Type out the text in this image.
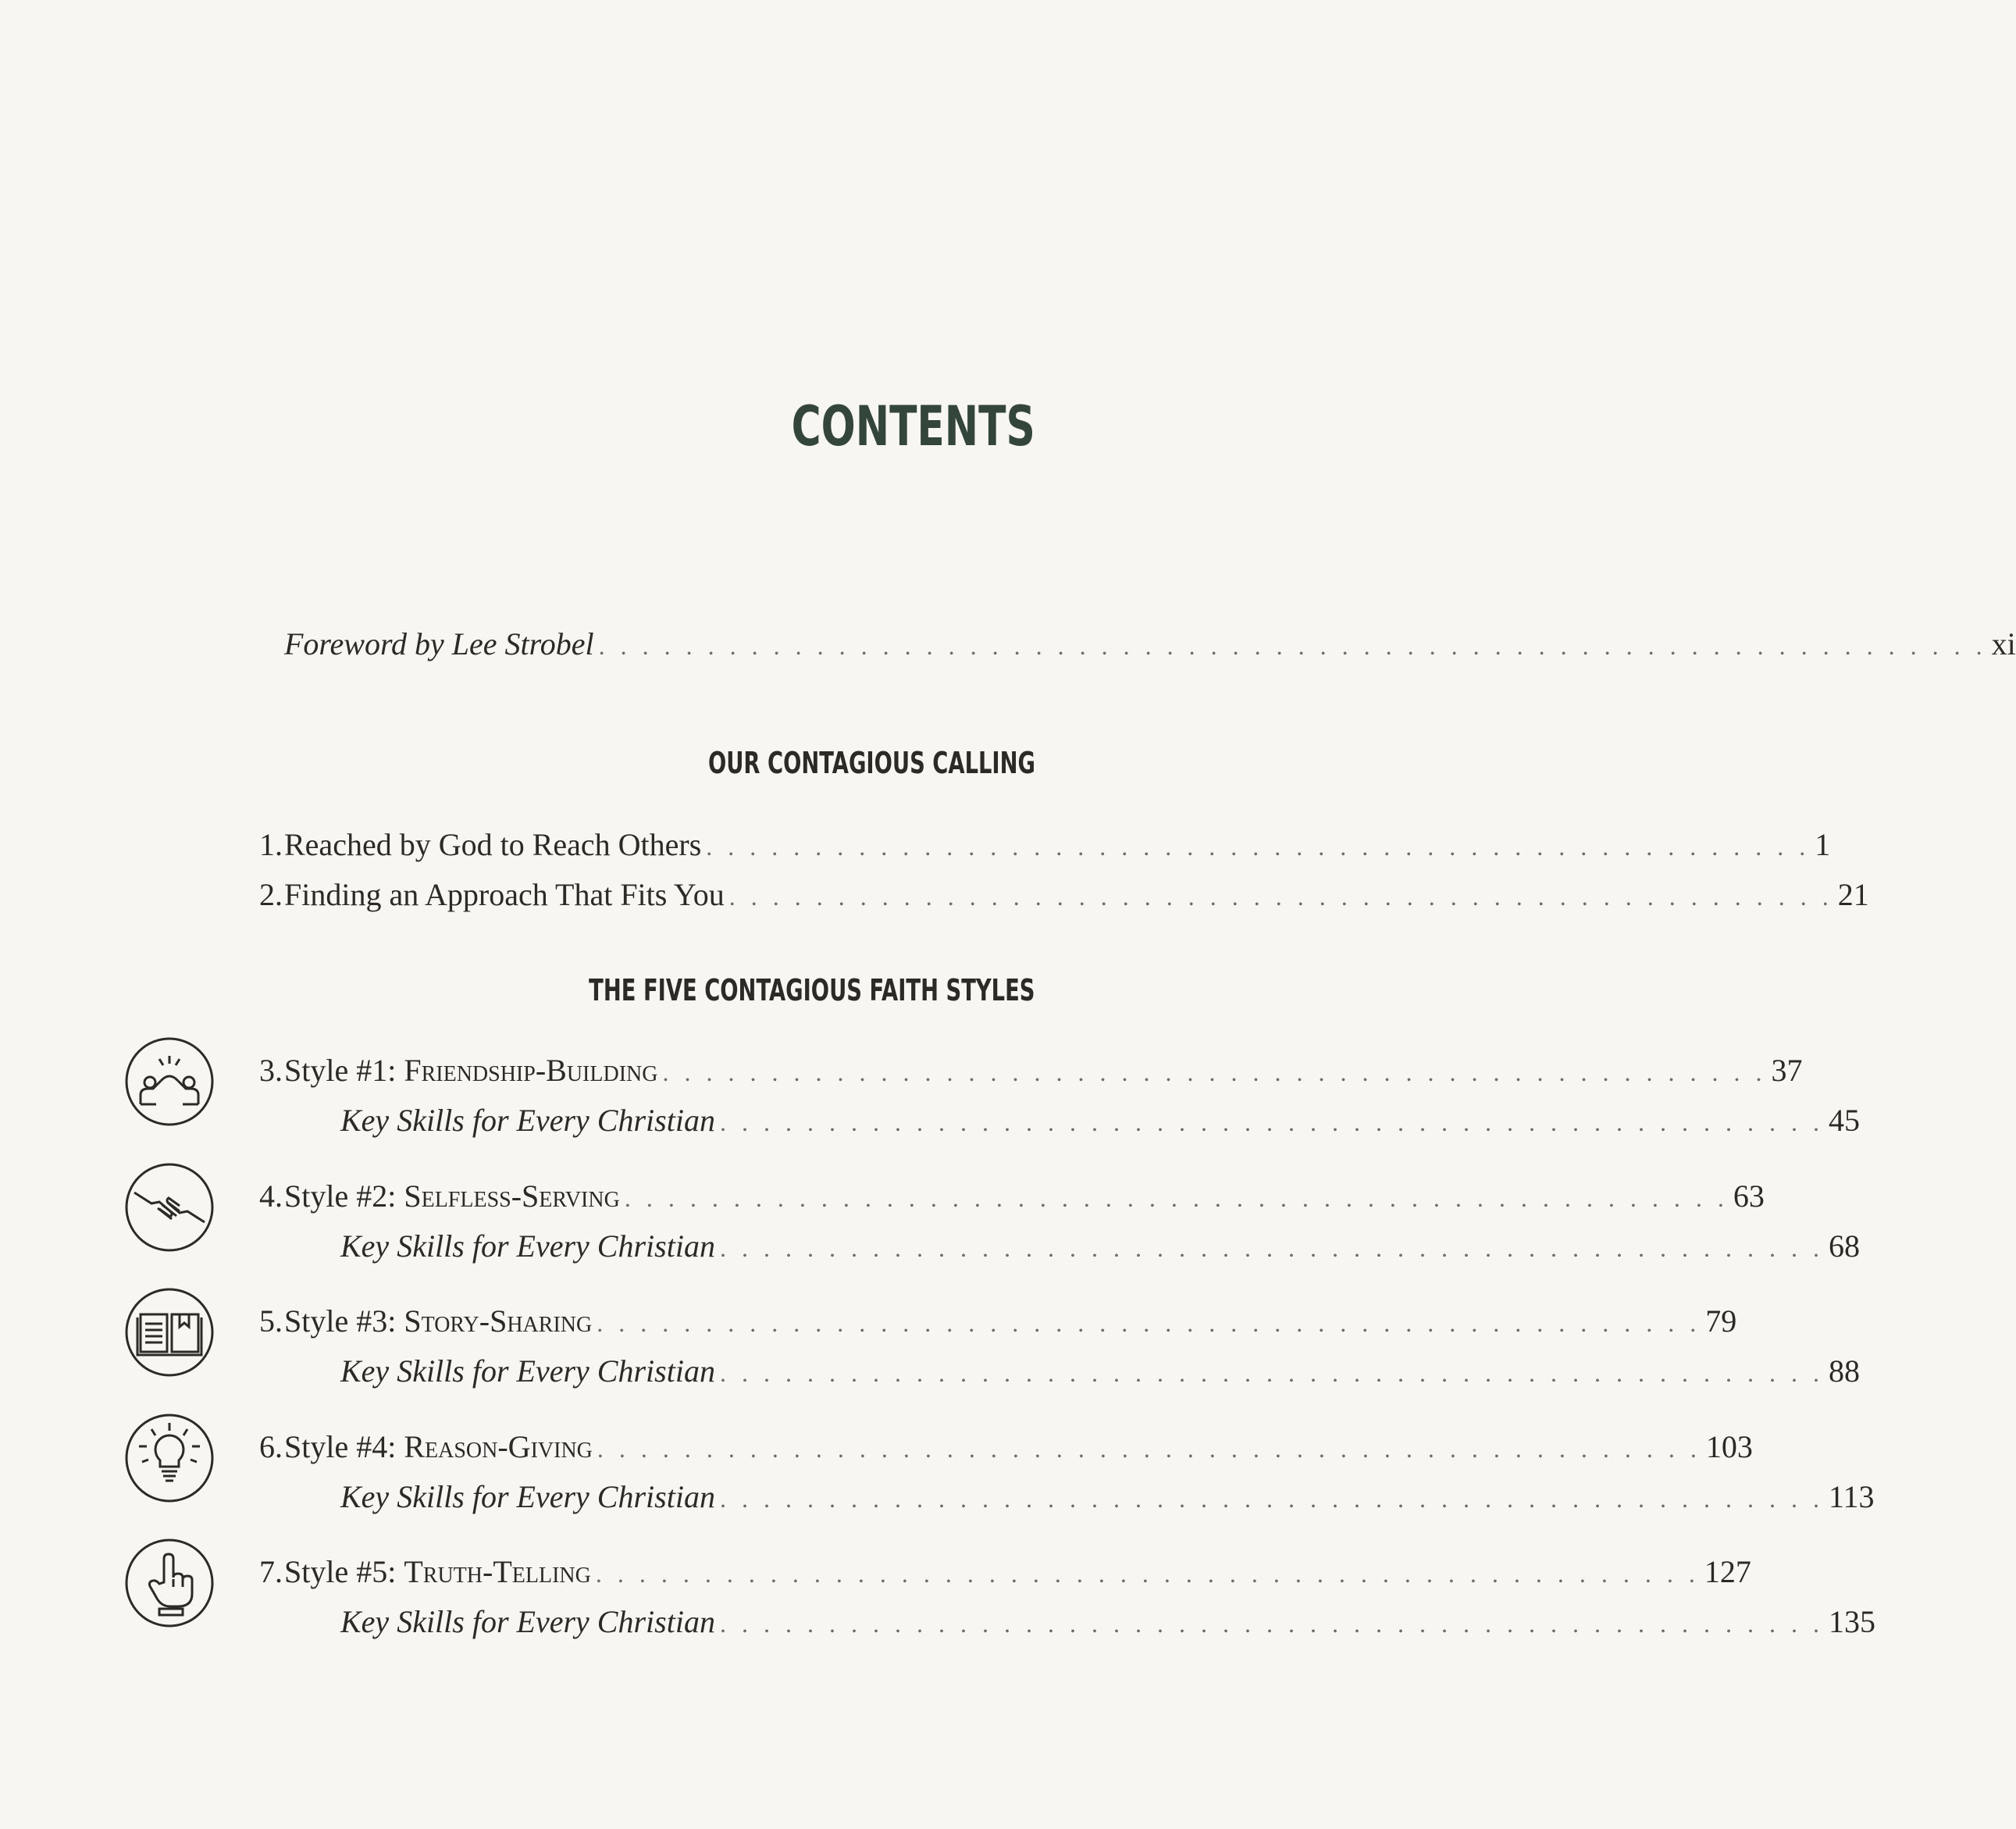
CONTENTS
Foreword by Lee Strobel . . . . . . . . . . . . . . . . . . . . . . . . . . . . . . . . . . . . . . . . . . . . . . . . . . . . . . . . . . . . . . . . xi
OUR CONTAGIOUS CALLING
1. Reached by God to Reach Others . . . . . . . . . . . . . . . . . . . . . . . . . . . . . . . . . . . . . . . . . . . . . . . . . . . 1
2. Finding an Approach That Fits You . . . . . . . . . . . . . . . . . . . . . . . . . . . . . . . . . . . . . . . . . . . . . . . . . . . 21
THE FIVE CONTAGIOUS FAITH STYLES
3. Style #1: Friendship-Building . . . . . . . . . . . . . . . . . . . . . . . . . . . . . . . . . . . . . . . . . . . . . . . . . . . 37
Key Skills for Every Christian . . . . . . . . . . . . . . . . . . . . . . . . . . . . . . . . . . . . . . . . . . . . . . . . . . . 45
4. Style #2: Selfless-Serving . . . . . . . . . . . . . . . . . . . . . . . . . . . . . . . . . . . . . . . . . . . . . . . . . . . 63
Key Skills for Every Christian . . . . . . . . . . . . . . . . . . . . . . . . . . . . . . . . . . . . . . . . . . . . . . . . . . . 68
5. Style #3: Story-Sharing . . . . . . . . . . . . . . . . . . . . . . . . . . . . . . . . . . . . . . . . . . . . . . . . . . . 79
Key Skills for Every Christian . . . . . . . . . . . . . . . . . . . . . . . . . . . . . . . . . . . . . . . . . . . . . . . . . . . 88
6. Style #4: Reason-Giving . . . . . . . . . . . . . . . . . . . . . . . . . . . . . . . . . . . . . . . . . . . . . . . . . . . 103
Key Skills for Every Christian . . . . . . . . . . . . . . . . . . . . . . . . . . . . . . . . . . . . . . . . . . . . . . . . . . . 113
7. Style #5: Truth-Telling . . . . . . . . . . . . . . . . . . . . . . . . . . . . . . . . . . . . . . . . . . . . . . . . . . . 127
Key Skills for Every Christian . . . . . . . . . . . . . . . . . . . . . . . . . . . . . . . . . . . . . . . . . . . . . . . . . . . 135
